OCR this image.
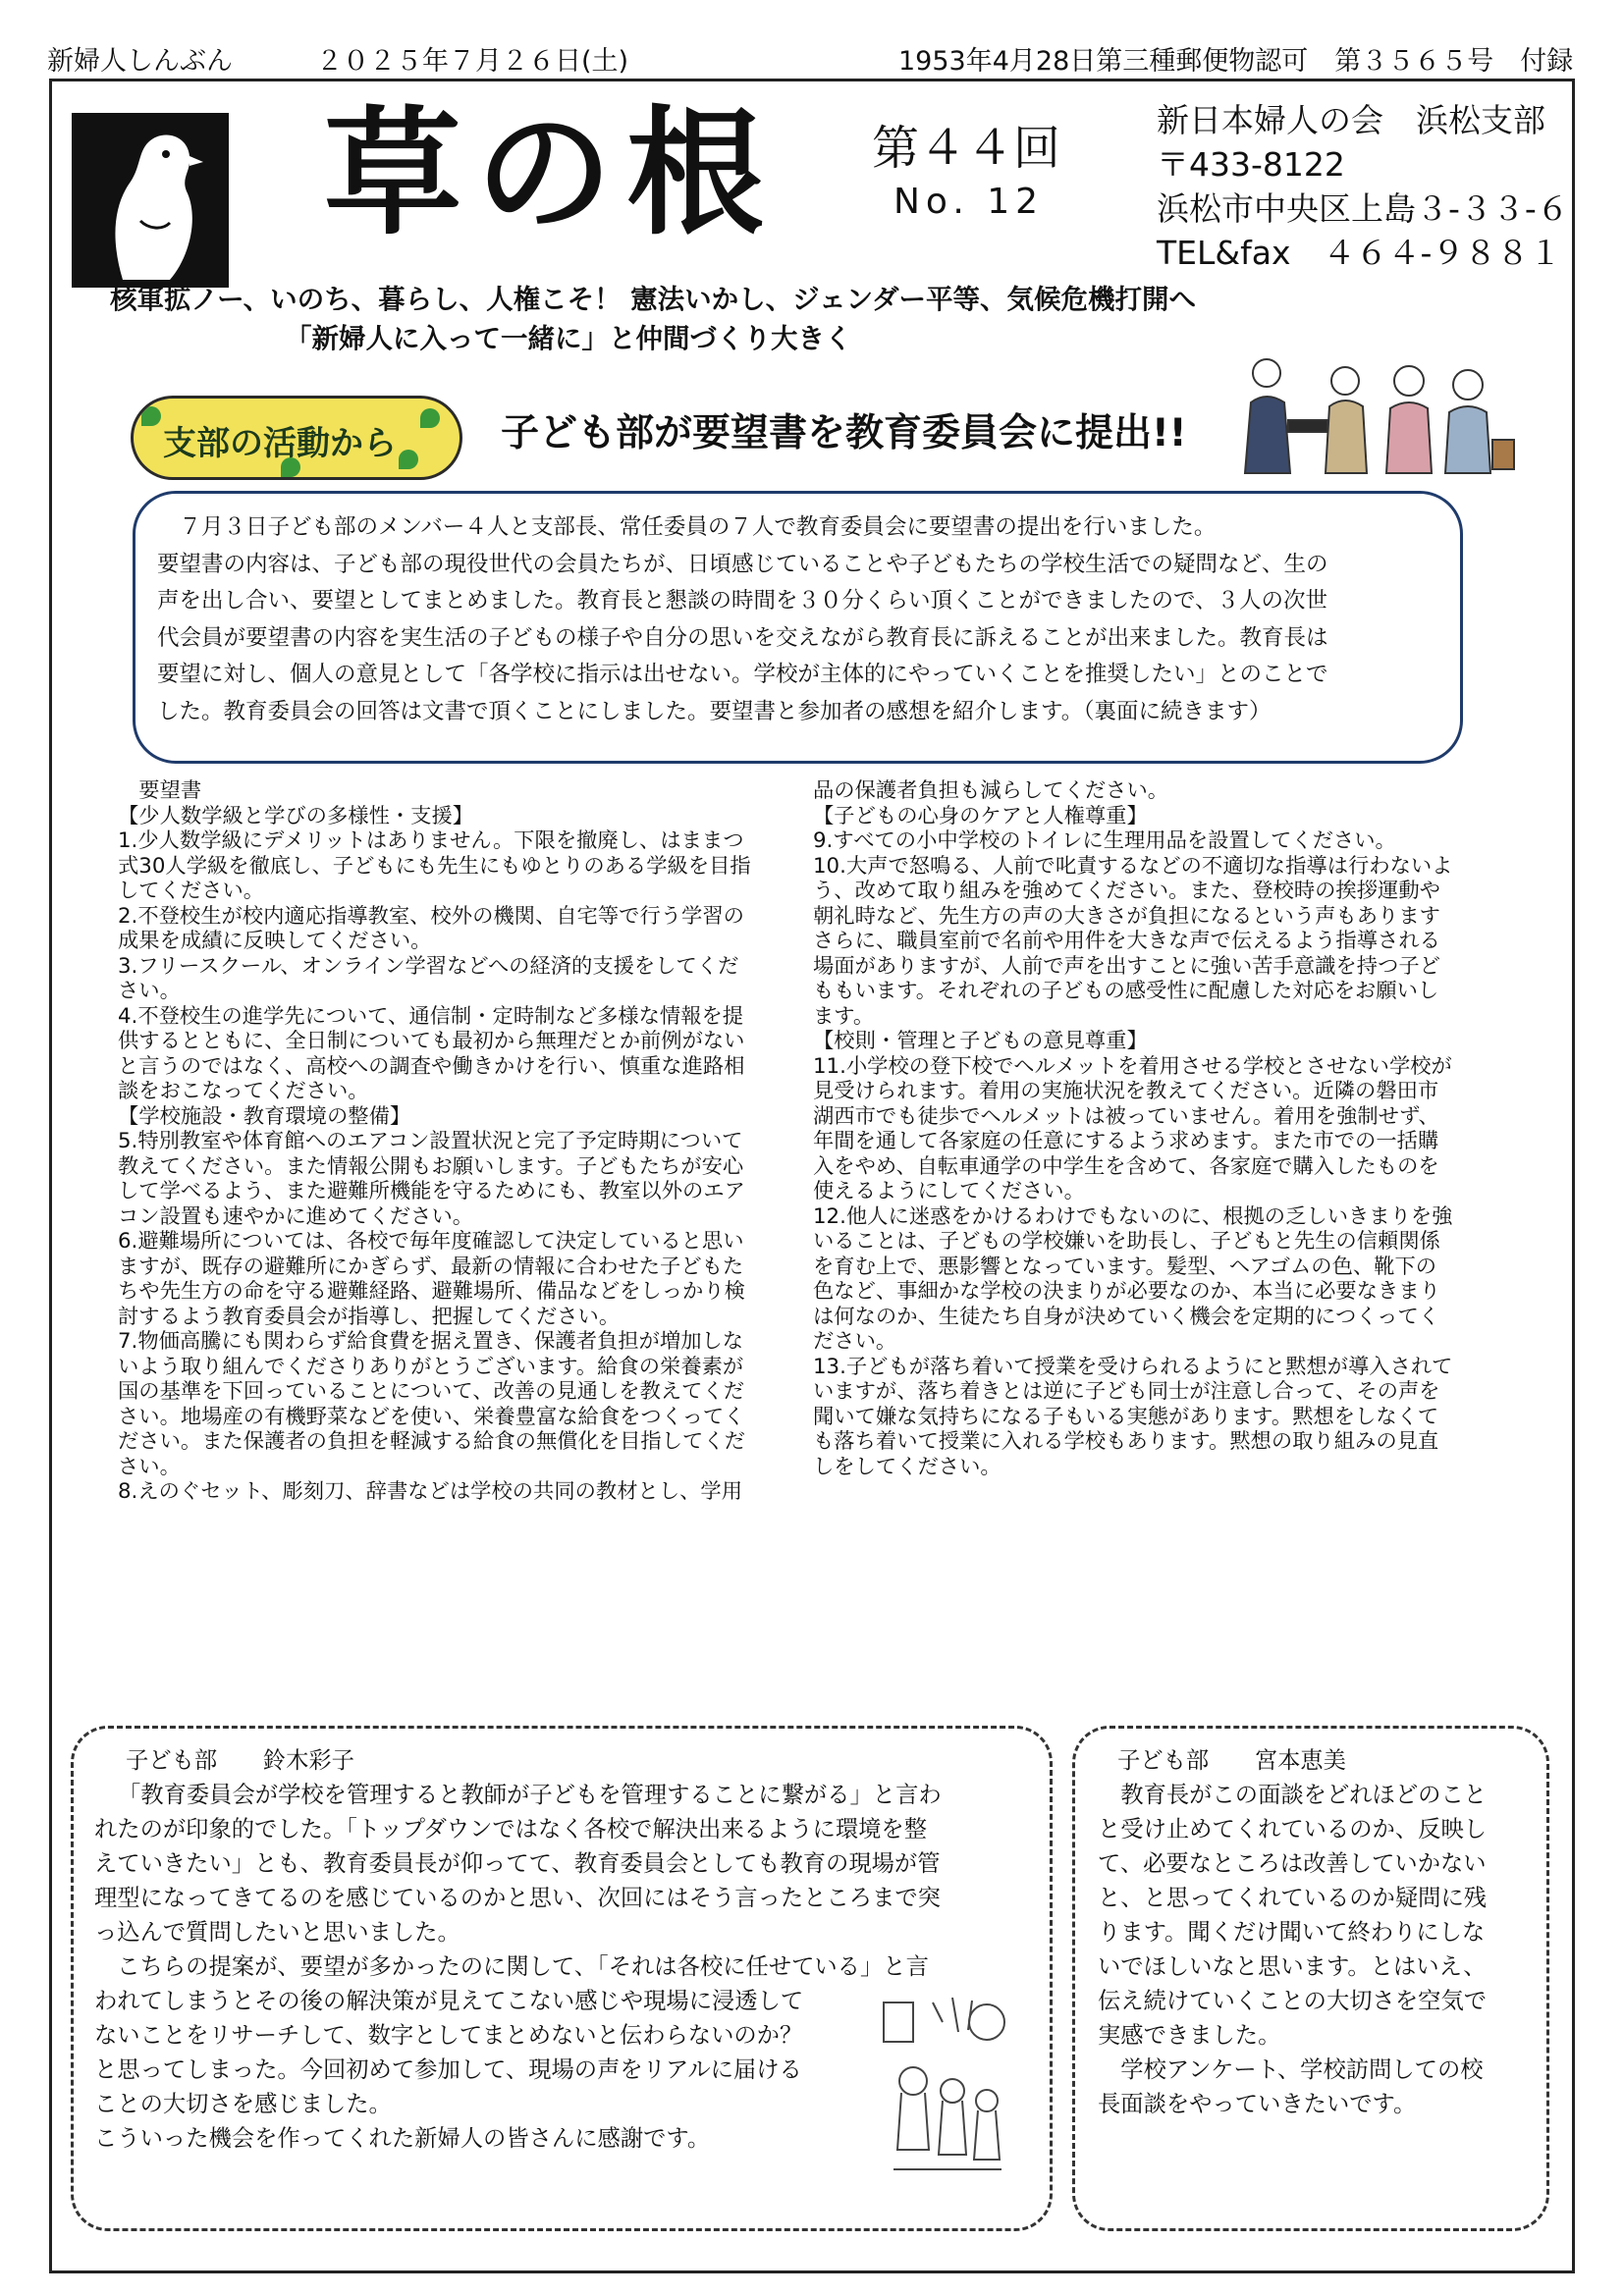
新婦人しんぶん	２０２５年７月２６日(土)	1953年4月28日第三種郵便物認可　第３５６５号　付録
草の根 第４４回
No. 12
新日本婦人の会　浜松支部
〒433-8122
浜松市中央区上島３-３３-６
TEL&fax　４６４-９８８１
核軍拡ノー、いのち、暮らし、人権こそ！ 憲法いかし、ジェンダー平等、気候危機打開へ
「新婦人に入って一緒に」と仲間づくり大きく
支部の活動から	子ども部が要望書を教育委員会に提出!!

　７月３日子ども部のメンバー４人と支部長、常任委員の７人で教育委員会に要望書の提出を行いました。

要望書の内容は、子ども部の現役世代の会員たちが、日頃感じていることや子どもたちの学校生活での疑問など、生の

声を出し合い、要望としてまとめました。教育長と懇談の時間を３０分くらい頂くことができましたので、３人の次世

代会員が要望書の内容を実生活の子どもの様子や自分の思いを交えながら教育長に訴えることが出来ました。教育長は

要望に対し、個人の意見として「各学校に指示は出せない。学校が主体的にやっていくことを推奨したい」とのことで

した。教育委員会の回答は文書で頂くことにしました。要望書と参加者の感想を紹介します。（裏面に続きます）

要望書

【少人数学級と学びの多様性・支援】

1.少人数学級にデメリットはありません。下限を撤廃し、はままつ

式30人学級を徹底し、子どもにも先生にもゆとりのある学級を目指

してください。

2.不登校生が校内適応指導教室、校外の機関、自宅等で行う学習の

成果を成績に反映してください。

3.フリースクール、オンライン学習などへの経済的支援をしてくだ

さい。

4.不登校生の進学先について、通信制・定時制など多様な情報を提

供するとともに、全日制についても最初から無理だとか前例がない

と言うのではなく、高校への調査や働きかけを行い、慎重な進路相

談をおこなってください。

【学校施設・教育環境の整備】

5.特別教室や体育館へのエアコン設置状況と完了予定時期について

教えてください。また情報公開もお願いします。子どもたちが安心

して学べるよう、また避難所機能を守るためにも、教室以外のエア

コン設置も速やかに進めてください。

6.避難場所については、各校で毎年度確認して決定していると思い

ますが、既存の避難所にかぎらず、最新の情報に合わせた子どもた

ちや先生方の命を守る避難経路、避難場所、備品などをしっかり検

討するよう教育委員会が指導し、把握してください。

7.物価高騰にも関わらず給食費を据え置き、保護者負担が増加しな

いよう取り組んでくださりありがとうございます。給食の栄養素が

国の基準を下回っていることについて、改善の見通しを教えてくだ

さい。地場産の有機野菜などを使い、栄養豊富な給食をつくってく

ださい。また保護者の負担を軽減する給食の無償化を目指してくだ

さい。

8.えのぐセット、彫刻刀、辞書などは学校の共同の教材とし、学用

品の保護者負担も減らしてください。

【子どもの心身のケアと人権尊重】

9.すべての小中学校のトイレに生理用品を設置してください。

10.大声で怒鳴る、人前で叱責するなどの不適切な指導は行わないよ

う、改めて取り組みを強めてください。また、登校時の挨拶運動や

朝礼時など、先生方の声の大きさが負担になるという声もあります

さらに、職員室前で名前や用件を大きな声で伝えるよう指導される

場面がありますが、人前で声を出すことに強い苦手意識を持つ子ど

ももいます。それぞれの子どもの感受性に配慮した対応をお願いし

ます。

【校則・管理と子どもの意見尊重】

11.小学校の登下校でヘルメットを着用させる学校とさせない学校が

見受けられます。着用の実施状況を教えてください。近隣の磐田市

湖西市でも徒歩でヘルメットは被っていません。着用を強制せず、

年間を通して各家庭の任意にするよう求めます。また市での一括購

入をやめ、自転車通学の中学生を含めて、各家庭で購入したものを

使えるようにしてください。

12.他人に迷惑をかけるわけでもないのに、根拠の乏しいきまりを強

いることは、子どもの学校嫌いを助長し、子どもと先生の信頼関係

を育む上で、悪影響となっています。髪型、ヘアゴムの色、靴下の

色など、事細かな学校の決まりが必要なのか、本当に必要なきまり

は何なのか、生徒たち自身が決めていく機会を定期的につくってく

ださい。

13.子どもが落ち着いて授業を受けられるようにと黙想が導入されて

いますが、落ち着きとは逆に子ども同士が注意し合って、その声を

聞いて嫌な気持ちになる子もいる実態があります。黙想をしなくて

も落ち着いて授業に入れる学校もあります。黙想の取り組みの見直

しをしてください。

子ども部　　鈴木彩子

「教育委員会が学校を管理すると教師が子どもを管理することに繋がる」と言わ

れたのが印象的でした。「トップダウンではなく各校で解決出来るように環境を整

えていきたい」とも、教育委員長が仰ってて、教育委員会としても教育の現場が管

理型になってきてるのを感じているのかと思い、次回にはそう言ったところまで突

っ込んで質問したいと思いました。

　こちらの提案が、要望が多かったのに関して、「それは各校に任せている」と言

われてしまうとその後の解決策が見えてこない感じや現場に浸透して

ないことをリサーチして、数字としてまとめないと伝わらないのか？

と思ってしまった。今回初めて参加して、現場の声をリアルに届ける

ことの大切さを感じました。

こういった機会を作ってくれた新婦人の皆さんに感謝です。

子ども部　　宮本恵美

　教育長がこの面談をどれほどのこと

と受け止めてくれているのか、反映し

て、必要なところは改善していかない

と、と思ってくれているのか疑問に残

ります。聞くだけ聞いて終わりにしな

いでほしいなと思います。とはいえ、

伝え続けていくことの大切さを空気で

実感できました。

　学校アンケート、学校訪問しての校

長面談をやっていきたいです。
